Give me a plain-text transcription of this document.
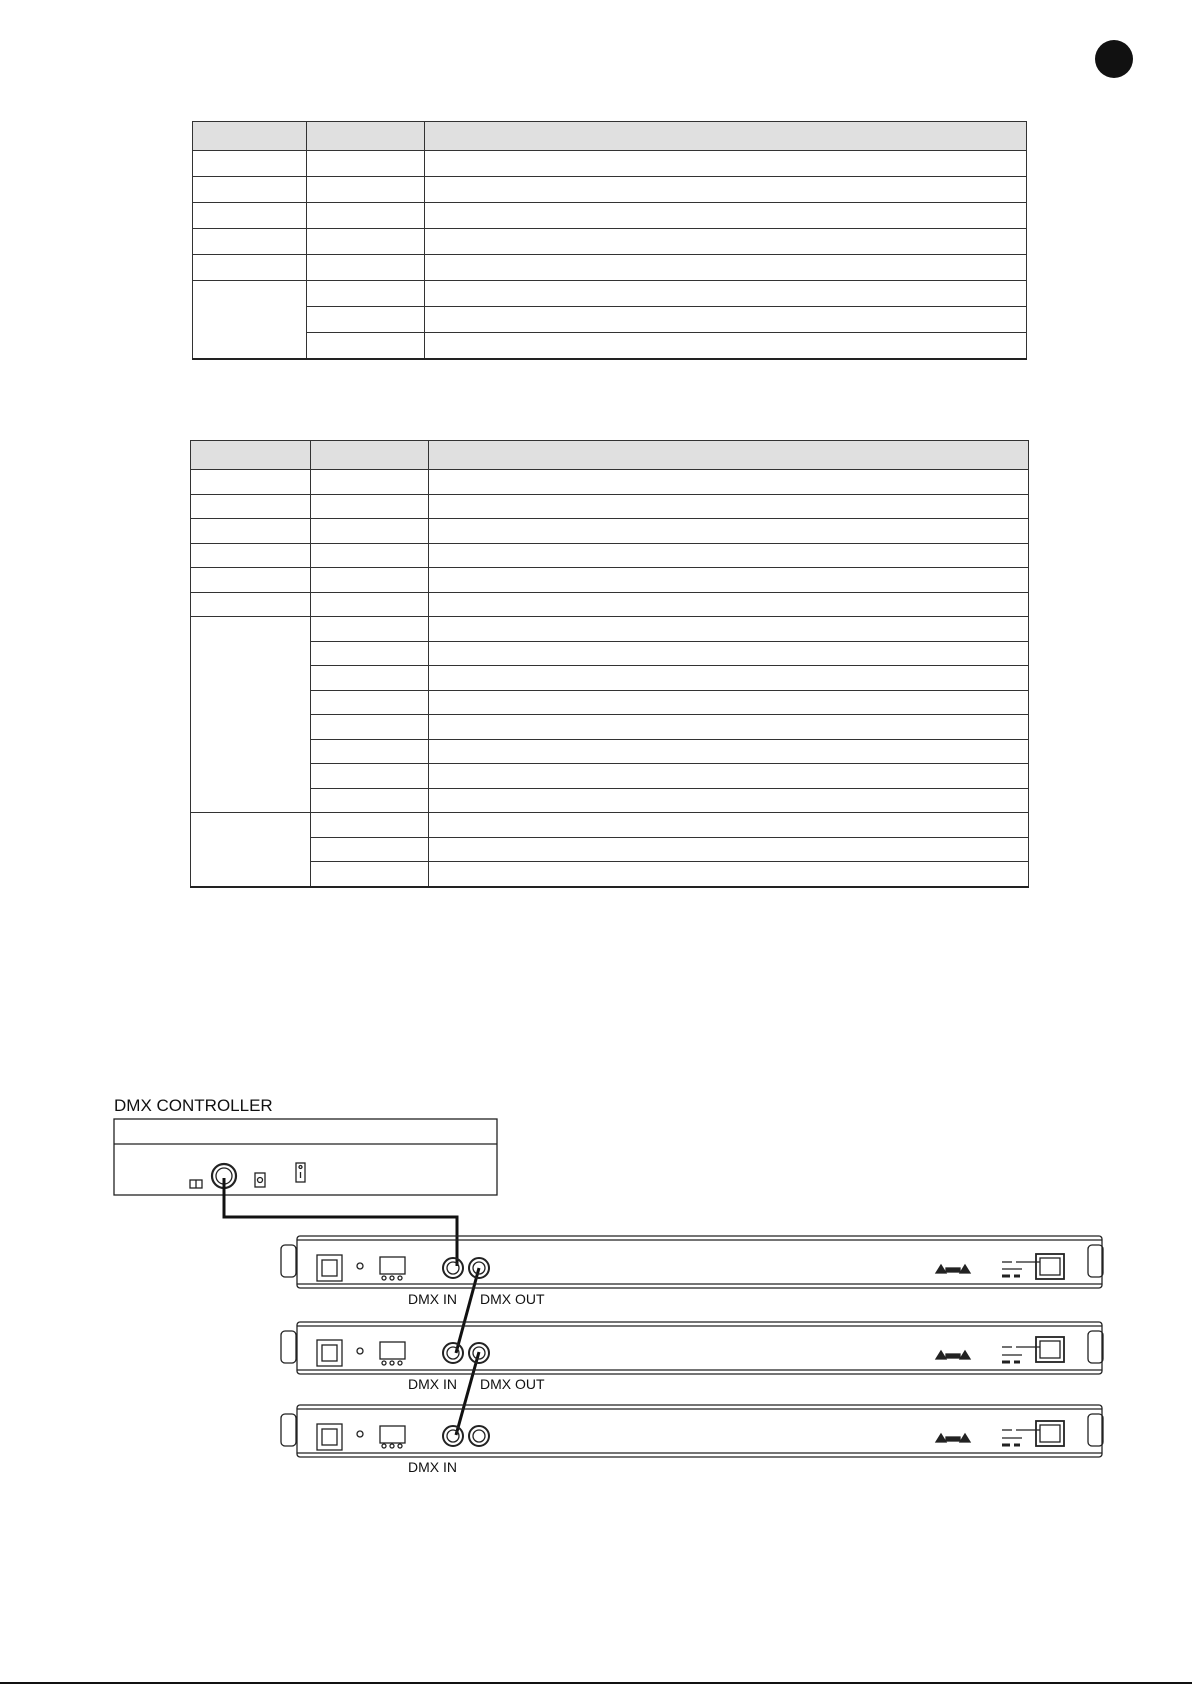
DMX CONTROLLER
DMX IN DMX OUT
DMX IN DMX OUT
DMX IN
